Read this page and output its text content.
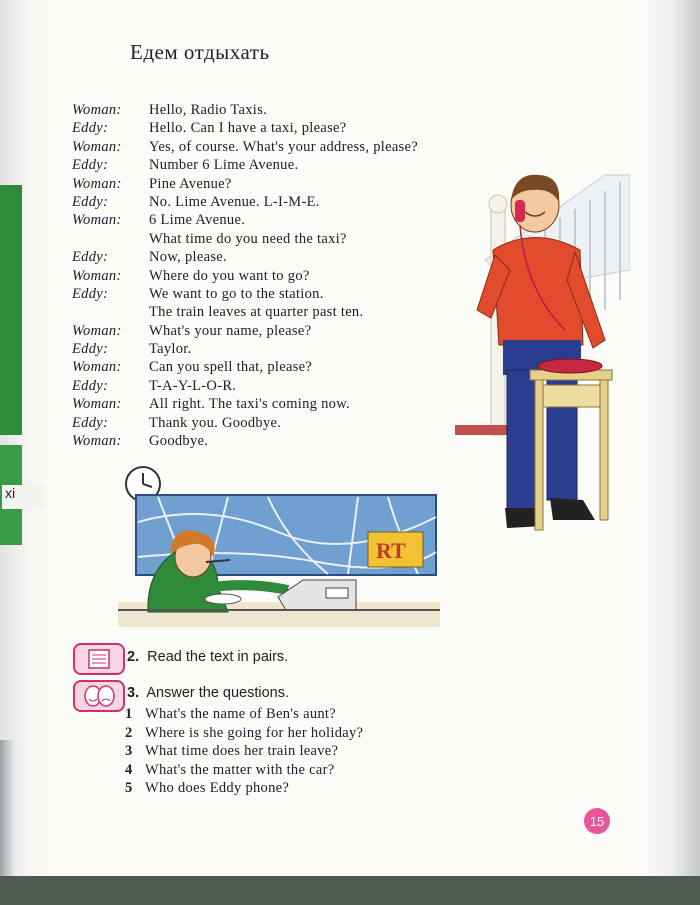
xi
Едем отдыхать
Woman: Hello, Radio Taxis.
Eddy:	Hello. Can I have a taxi, please?
Woman: Yes, of course. What's your address, please?
Eddy:	Number 6 Lime Avenue.
Woman: Pine Avenue?
Eddy:	No. Lime Avenue. L-I-M-E.
Woman: 6 Lime Avenue.
What time do you need the taxi?
Eddy:	Now, please.
Woman: Where do you want to go?
Eddy:	We want to go to the station.
The train leaves at quarter past ten.
Woman: What's your name, please?
Eddy:	Taylor.
Woman: Can you spell that, please?
Eddy:	T-A-Y-L-O-R.
Woman: All right. The taxi's coming now.
Eddy:	Thank you. Goodbye.
Woman: Goodbye.
RT
2. Read the text in pairs.
3. Answer the questions.
1 What's the name of Ben's aunt?
2 Where is she going for her holiday?
3 What time does her train leave?
4 What's the matter with the car?
5 Who does Eddy phone?
15
